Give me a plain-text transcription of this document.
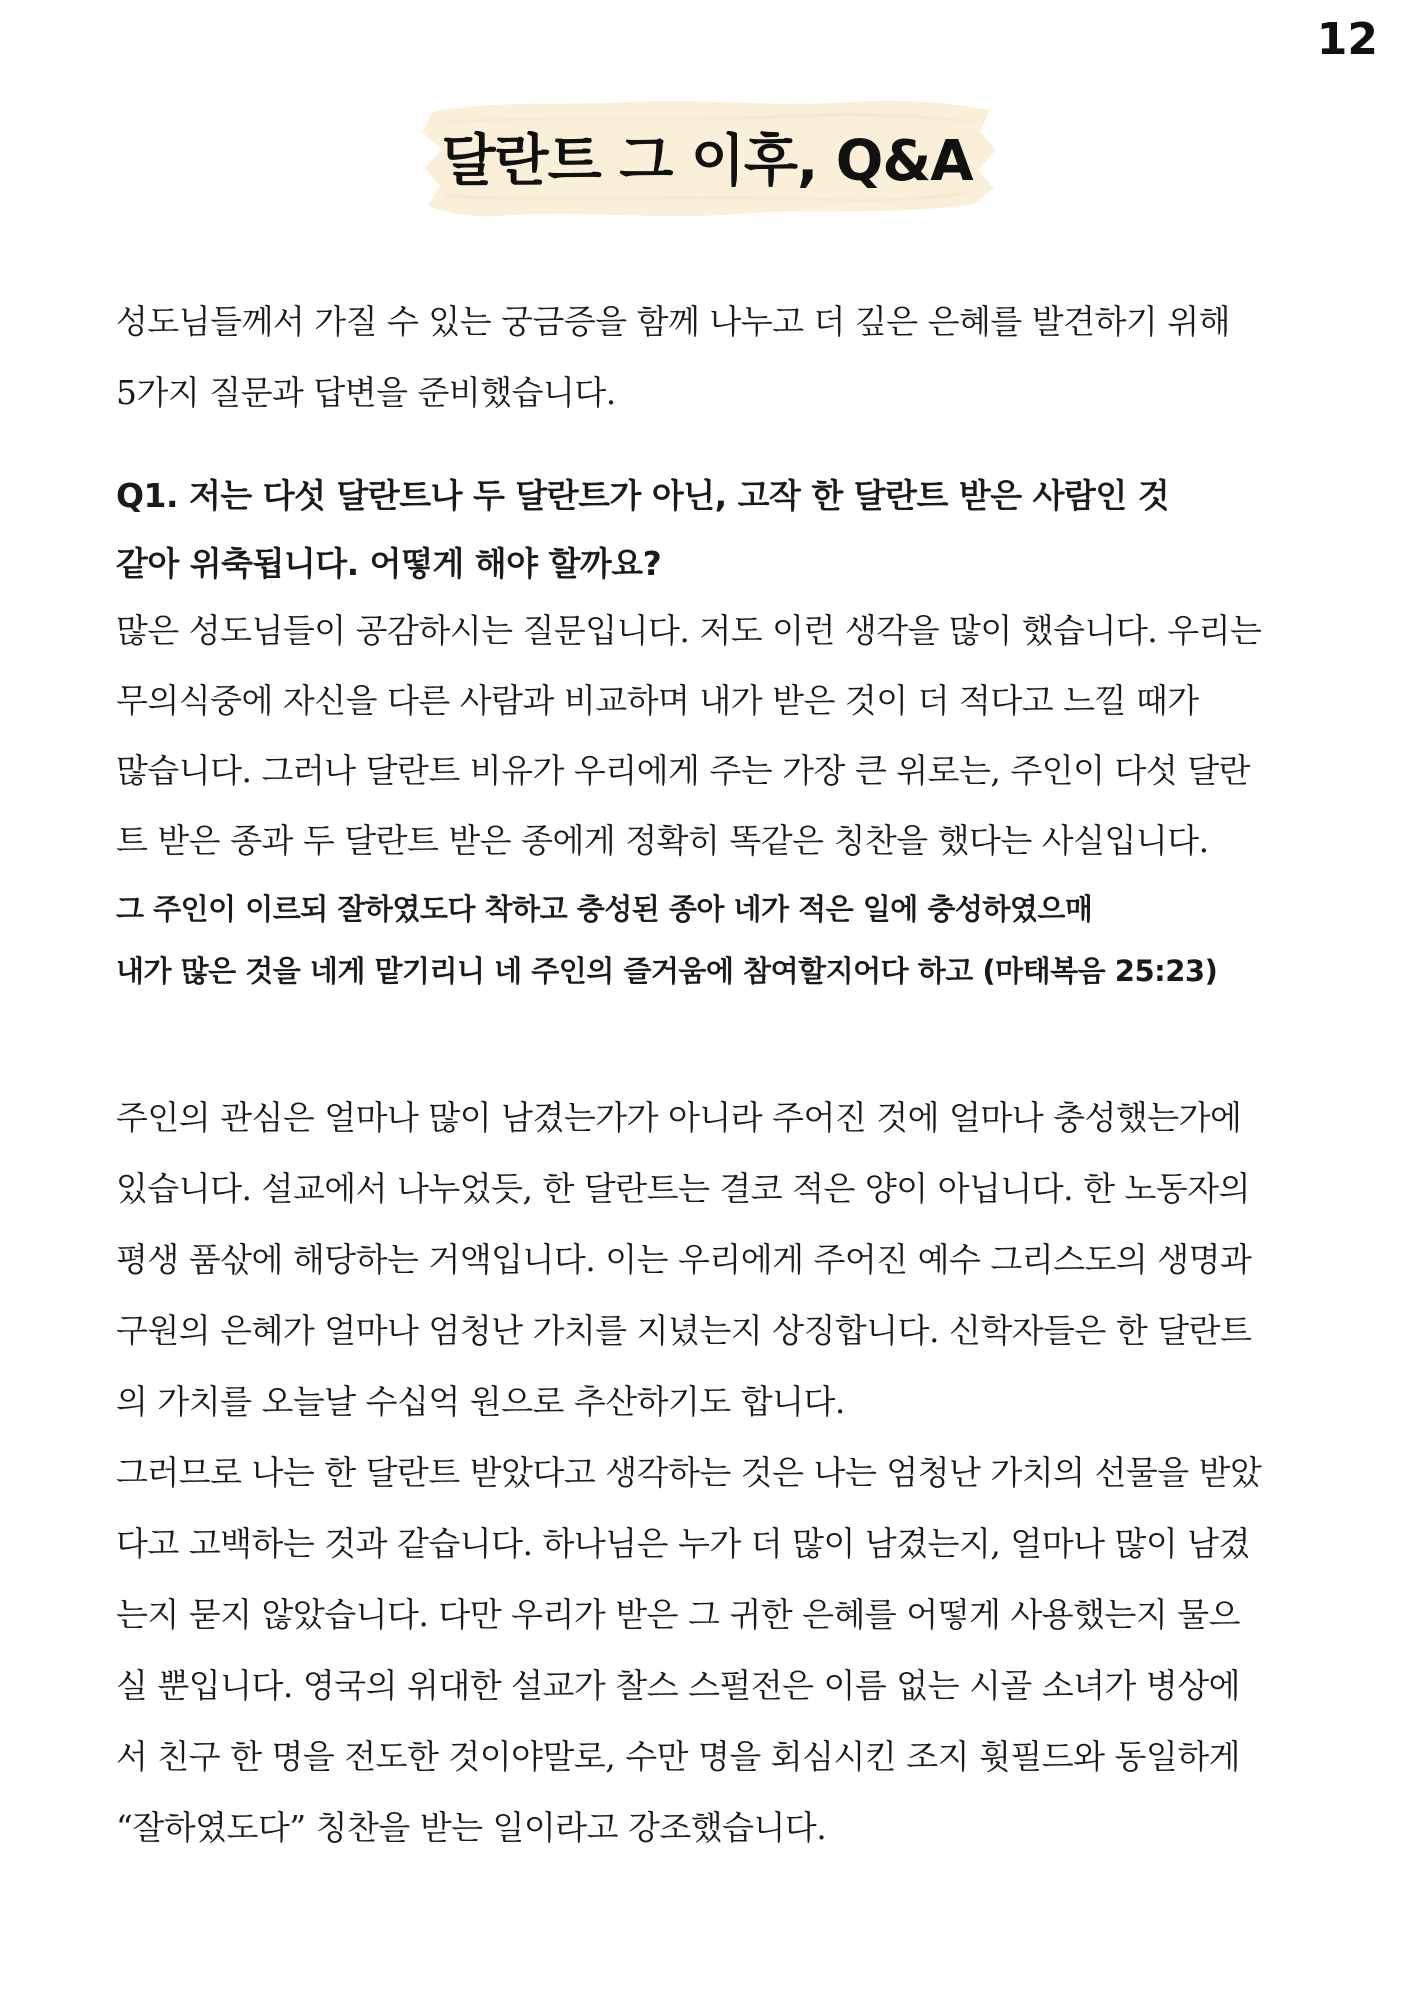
12
달란트 그 이후, Q&A

성도님들께서 가질 수 있는 궁금증을 함께 나누고 더 깊은 은혜를 발견하기 위해
5가지 질문과 답변을 준비했습니다.

Q1. 저는 다섯 달란트나 두 달란트가 아닌, 고작 한 달란트 받은 사람인 것
같아 위축됩니다. 어떻게 해야 할까요?

많은 성도님들이 공감하시는 질문입니다. 저도 이런 생각을 많이 했습니다. 우리는
무의식중에 자신을 다른 사람과 비교하며 내가 받은 것이 더 적다고 느낄 때가
많습니다. 그러나 달란트 비유가 우리에게 주는 가장 큰 위로는, 주인이 다섯 달란
트 받은 종과 두 달란트 받은 종에게 정확히 똑같은 칭찬을 했다는 사실입니다.

그 주인이 이르되 잘하였도다 착하고 충성된 종아 네가 적은 일에 충성하였으매
내가 많은 것을 네게 맡기리니 네 주인의 즐거움에 참여할지어다 하고 (마태복음 25:23)

주인의 관심은 얼마나 많이 남겼는가가 아니라 주어진 것에 얼마나 충성했는가에
있습니다. 설교에서 나누었듯, 한 달란트는 결코 적은 양이 아닙니다. 한 노동자의
평생 품삯에 해당하는 거액입니다. 이는 우리에게 주어진 예수 그리스도의 생명과
구원의 은혜가 얼마나 엄청난 가치를 지녔는지 상징합니다. 신학자들은 한 달란트
의 가치를 오늘날 수십억 원으로 추산하기도 합니다.

그러므로 나는 한 달란트 받았다고 생각하는 것은 나는 엄청난 가치의 선물을 받았
다고 고백하는 것과 같습니다. 하나님은 누가 더 많이 남겼는지, 얼마나 많이 남겼
는지 묻지 않았습니다. 다만 우리가 받은 그 귀한 은혜를 어떻게 사용했는지 물으
실 뿐입니다. 영국의 위대한 설교가 찰스 스펄전은 이름 없는 시골 소녀가 병상에
서 친구 한 명을 전도한 것이야말로, 수만 명을 회심시킨 조지 휫필드와 동일하게
“잘하였도다” 칭찬을 받는 일이라고 강조했습니다.
